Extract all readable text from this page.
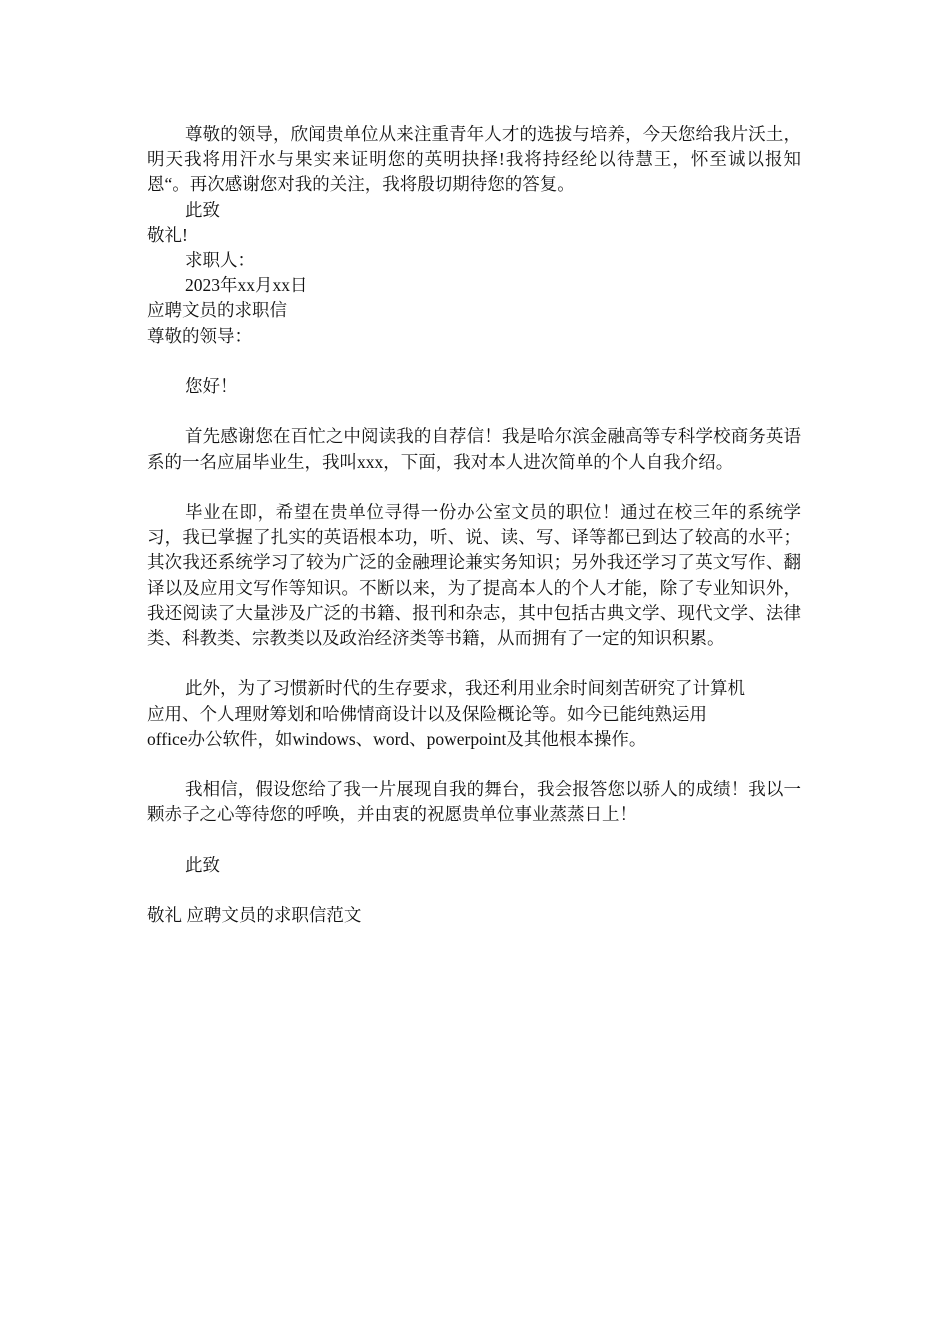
尊敬的领导，欣闻贵单位从来注重青年人才的选拔与培养，今天您给我片沃土，明天我将用汗水与果实来证明您的英明抉择!我将持经纶以待慧王，怀至诚以报知恩“。再次感谢您对我的关注，我将殷切期待您的答复。

此致

敬礼!

求职人：

2023年xx月xx日

应聘文员的求职信

尊敬的领导：

您好！

首先感谢您在百忙之中阅读我的自荐信！我是哈尔滨金融高等专科学校商务英语系的一名应届毕业生，我叫xxx，下面，我对本人进次简单的个人自我介绍。

毕业在即，希望在贵单位寻得一份办公室文员的职位！通过在校三年的系统学习，我已掌握了扎实的英语根本功，听、说、读、写、译等都已到达了较高的水平；其次我还系统学习了较为广泛的金融理论兼实务知识；另外我还学习了英文写作、翻译以及应用文写作等知识。不断以来，为了提高本人的个人才能，除了专业知识外，我还阅读了大量涉及广泛的书籍、报刊和杂志，其中包括古典文学、现代文学、法律类、科教类、宗教类以及政治经济类等书籍，从而拥有了一定的知识积累。

此外，为了习惯新时代的生存要求，我还利用业余时间刻苦研究了计算机

应用、个人理财筹划和哈佛情商设计以及保险概论等。如今已能纯熟运用

office办公软件，如windows、word、powerpoint及其他根本操作。

我相信，假设您给了我一片展现自我的舞台，我会报答您以骄人的成绩！我以一颗赤子之心等待您的呼唤，并由衷的祝愿贵单位事业蒸蒸日上！

此致

敬礼 应聘文员的求职信范文
